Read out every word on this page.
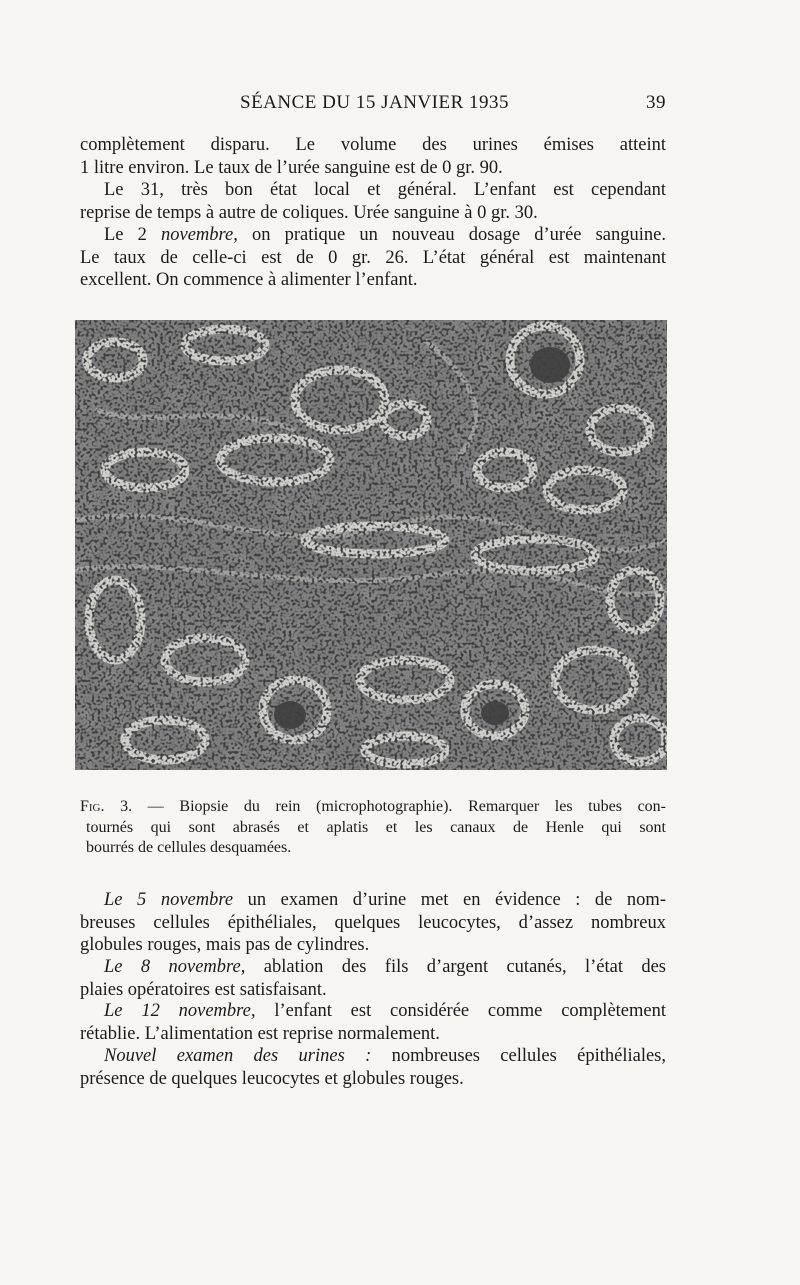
SÉANCE DU 15 JANVIER 1935	39

complètement disparu. Le volume des urines émises atteint
1 litre environ. Le taux de l’urée sanguine est de 0 gr. 90.

Le 31, très bon état local et général. L’enfant est cependant
reprise de temps à autre de coliques. Urée sanguine à 0 gr. 30.

Le 2 novembre, on pratique un nouveau dosage d’urée sanguine.
Le taux de celle-ci est de 0 gr. 26. L’état général est maintenant
excellent. On commence à alimenter l’enfant.

Fig. 3. — Biopsie du rein (microphotographie). Remarquer les tubes con-
tournés qui sont abrasés et aplatis et les canaux de Henle qui sont
bourrés de cellules desquamées.

Le 5 novembre un examen d’urine met en évidence : de nom-
breuses cellules épithéliales, quelques leucocytes, d’assez nombreux
globules rouges, mais pas de cylindres.

Le 8 novembre, ablation des fils d’argent cutanés, l’état des
plaies opératoires est satisfaisant.

Le 12 novembre, l’enfant est considérée comme complètement
rétablie. L’alimentation est reprise normalement.

Nouvel examen des urines : nombreuses cellules épithéliales,
présence de quelques leucocytes et globules rouges.
